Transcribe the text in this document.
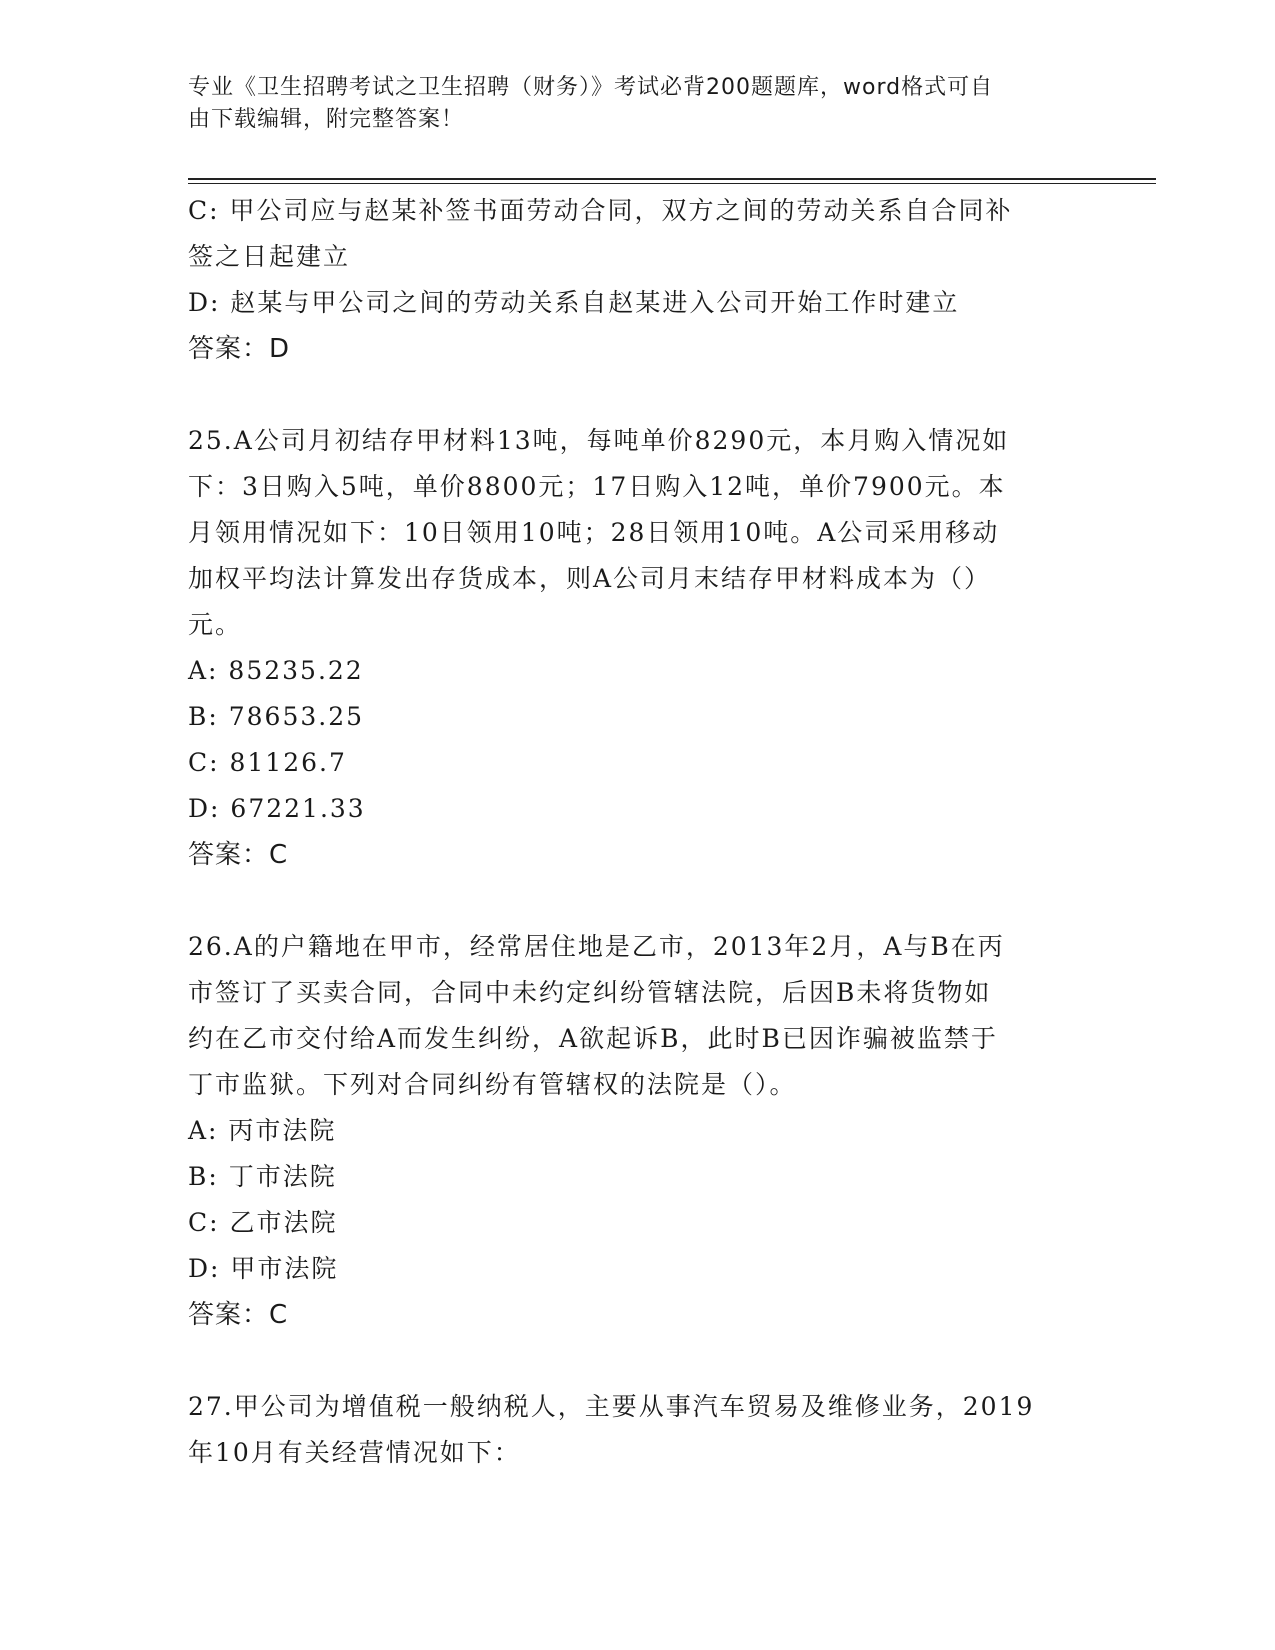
专业《卫生招聘考试之卫生招聘（财务）》考试必背200题题库，word格式可自
由下载编辑，附完整答案！
C: 甲公司应与赵某补签书面劳动合同，双方之间的劳动关系自合同补
签之日起建立
D: 赵某与甲公司之间的劳动关系自赵某进入公司开始工作时建立
答案：D
25.A公司月初结存甲材料13吨，每吨单价8290元，本月购入情况如
下：3日购入5吨，单价8800元；17日购入12吨，单价7900元。本
月领用情况如下：10日领用10吨；28日领用10吨。A公司采用移动
加权平均法计算发出存货成本，则A公司月末结存甲材料成本为（）
元。
A: 85235.22
B: 78653.25
C: 81126.7
D: 67221.33
答案：C
26.A的户籍地在甲市，经常居住地是乙市，2013年2月，A与B在丙
市签订了买卖合同，合同中未约定纠纷管辖法院，后因B未将货物如
约在乙市交付给A而发生纠纷，A欲起诉B，此时B已因诈骗被监禁于
丁市监狱。下列对合同纠纷有管辖权的法院是（）。
A: 丙市法院
B: 丁市法院
C: 乙市法院
D: 甲市法院
答案：C
27.甲公司为增值税一般纳税人，主要从事汽车贸易及维修业务，2019
年10月有关经营情况如下：
